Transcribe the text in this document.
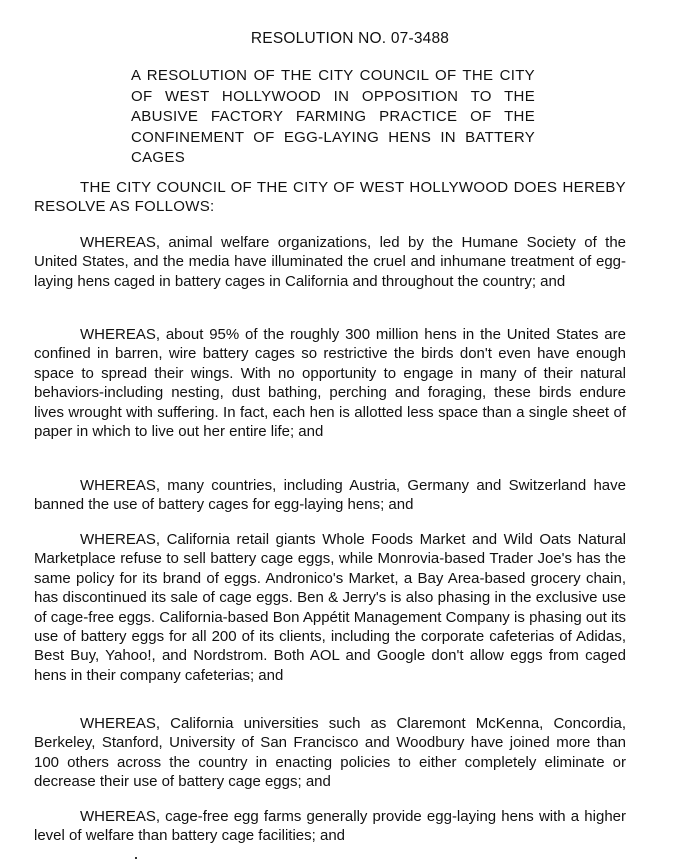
RESOLUTION NO. 07-3488
A RESOLUTION OF THE CITY COUNCIL OF THE CITY OF WEST HOLLYWOOD IN OPPOSITION TO THE ABUSIVE FACTORY FARMING PRACTICE OF THE CONFINEMENT OF EGG-LAYING HENS IN BATTERY CAGES
THE CITY COUNCIL OF THE CITY OF WEST HOLLYWOOD DOES HEREBY RESOLVE AS FOLLOWS:
WHEREAS, animal welfare organizations, led by the Humane Society of the United States, and the media have illuminated the cruel and inhumane treatment of egg-laying hens caged in battery cages in California and throughout the country; and
WHEREAS, about 95% of the roughly 300 million hens in the United States are confined in barren, wire battery cages so restrictive the birds don't even have enough space to spread their wings. With no opportunity to engage in many of their natural behaviors-including nesting, dust bathing, perching and foraging, these birds endure lives wrought with suffering. In fact, each hen is allotted less space than a single sheet of paper in which to live out her entire life; and
WHEREAS, many countries, including Austria, Germany and Switzerland have banned the use of battery cages for egg-laying hens; and
WHEREAS, California retail giants Whole Foods Market and Wild Oats Natural Marketplace refuse to sell battery cage eggs, while Monrovia-based Trader Joe's has the same policy for its brand of eggs. Andronico's Market, a Bay Area-based grocery chain, has discontinued its sale of cage eggs. Ben & Jerry's is also phasing in the exclusive use of cage-free eggs. California-based Bon Appétit Management Company is phasing out its use of battery eggs for all 200 of its clients, including the corporate cafeterias of Adidas, Best Buy, Yahoo!, and Nordstrom. Both AOL and Google don't allow eggs from caged hens in their company cafeterias; and
WHEREAS, California universities such as Claremont McKenna, Concordia, Berkeley, Stanford, University of San Francisco and Woodbury have joined more than 100 others across the country in enacting policies to either completely eliminate or decrease their use of battery cage eggs; and
WHEREAS, cage-free egg farms generally provide egg-laying hens with a higher level of welfare than battery cage facilities; and
